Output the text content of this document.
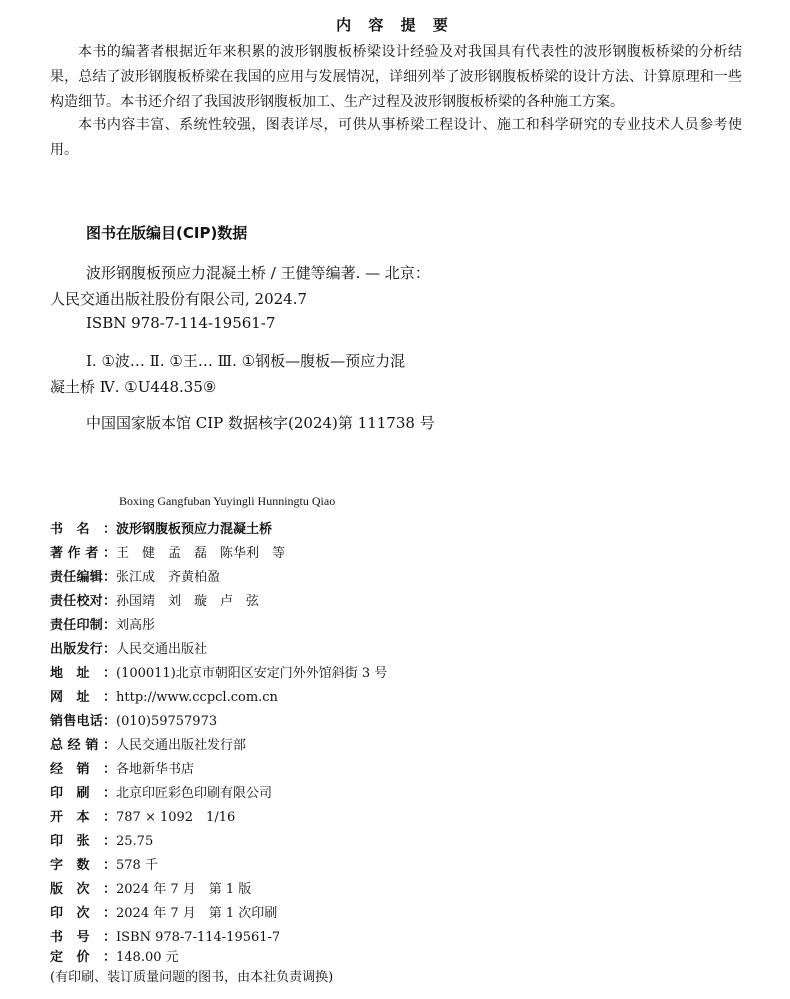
内 容 提 要
本书的编著者根据近年来积累的波形钢腹板桥梁设计经验及对我国具有代表性的波形钢腹板桥梁的分析结果，总结了波形钢腹板桥梁在我国的应用与发展情况，详细列举了波形钢腹板桥梁的设计方法、计算原理和一些构造细节。本书还介绍了我国波形钢腹板加工、生产过程及波形钢腹板桥梁的各种施工方案。
本书内容丰富、系统性较强，图表详尽，可供从事桥梁工程设计、施工和科学研究的专业技术人员参考使用。
图书在版编目(CIP)数据
波形钢腹板预应力混凝土桥 / 王健等编著. — 北京：
人民交通出版社股份有限公司, 2024.7
ISBN 978-7-114-19561-7
Ⅰ. ①波… Ⅱ. ①王… Ⅲ. ①钢板—腹板—预应力混
凝土桥 Ⅳ. ①U448.35⑨
中国国家版本馆 CIP 数据核字(2024)第 111738 号
Boxing Gangfuban Yuyingli Hunningtu Qiao
书名：波形钢腹板预应力混凝土桥
著作者：王　健　孟　磊　陈华利　等
责任编辑：张江成　齐黄柏盈
责任校对：孙国靖　刘　璇　卢　弦
责任印制：刘高彤
出版发行：人民交通出版社
地址：(100011)北京市朝阳区安定门外外馆斜街 3 号
网址：http://www.ccpcl.com.cn
销售电话：(010)59757973
总经销：人民交通出版社发行部
经销：各地新华书店
印刷：北京印匠彩色印刷有限公司
开本：787 × 1092　1/16
印张：25.75
字数：578 千
版次：2024 年 7 月　第 1 版
印次：2024 年 7 月　第 1 次印刷
书号：ISBN 978-7-114-19561-7
定价：148.00 元
(有印刷、装订质量问题的图书，由本社负责调换)
